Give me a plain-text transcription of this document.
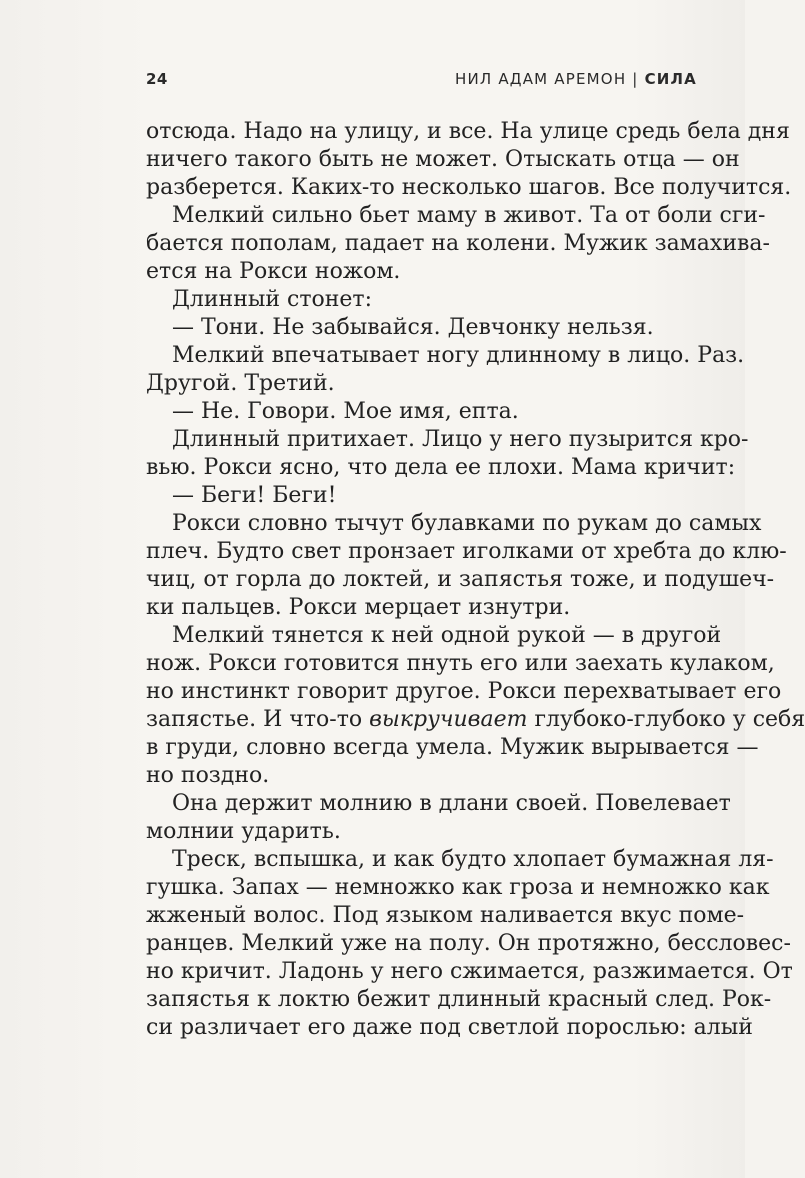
24	НИЛ АДАМ АРЕМОН | СИЛА
отсюда. Надо на улицу, и все. На улице средь бела дня
ничего такого быть не может. Отыскать отца — он
разберется. Каких-то несколько шагов. Все получится.
Мелкий сильно бьет маму в живот. Та от боли сги-
бается пополам, падает на колени. Мужик замахива-
ется на Рокси ножом.
Длинный стонет:
— Тони. Не забывайся. Девчонку нельзя.
Мелкий впечатывает ногу длинному в лицо. Раз.
Другой. Третий.
— Не. Говори. Мое имя, епта.
Длинный притихает. Лицо у него пузырится кро-
вью. Рокси ясно, что дела ее плохи. Мама кричит:
— Беги! Беги!
Рокси словно тычут булавками по рукам до самых
плеч. Будто свет пронзает иголками от хребта до клю-
чиц, от горла до локтей, и запястья тоже, и подушеч-
ки пальцев. Рокси мерцает изнутри.
Мелкий тянется к ней одной рукой — в другой
нож. Рокси готовится пнуть его или заехать кулаком,
но инстинкт говорит другое. Рокси перехватывает его
запястье. И что-то выкручивает глубоко-глубоко у себя
в груди, словно всегда умела. Мужик вырывается —
но поздно.
Она держит молнию в длани своей. Повелевает
молнии ударить.
Треск, вспышка, и как будто хлопает бумажная ля-
гушка. Запах — немножко как гроза и немножко как
жженый волос. Под языком наливается вкус поме-
ранцев. Мелкий уже на полу. Он протяжно, бессловес-
но кричит. Ладонь у него сжимается, разжимается. От
запястья к локтю бежит длинный красный след. Рок-
си различает его даже под светлой порослью: алый
